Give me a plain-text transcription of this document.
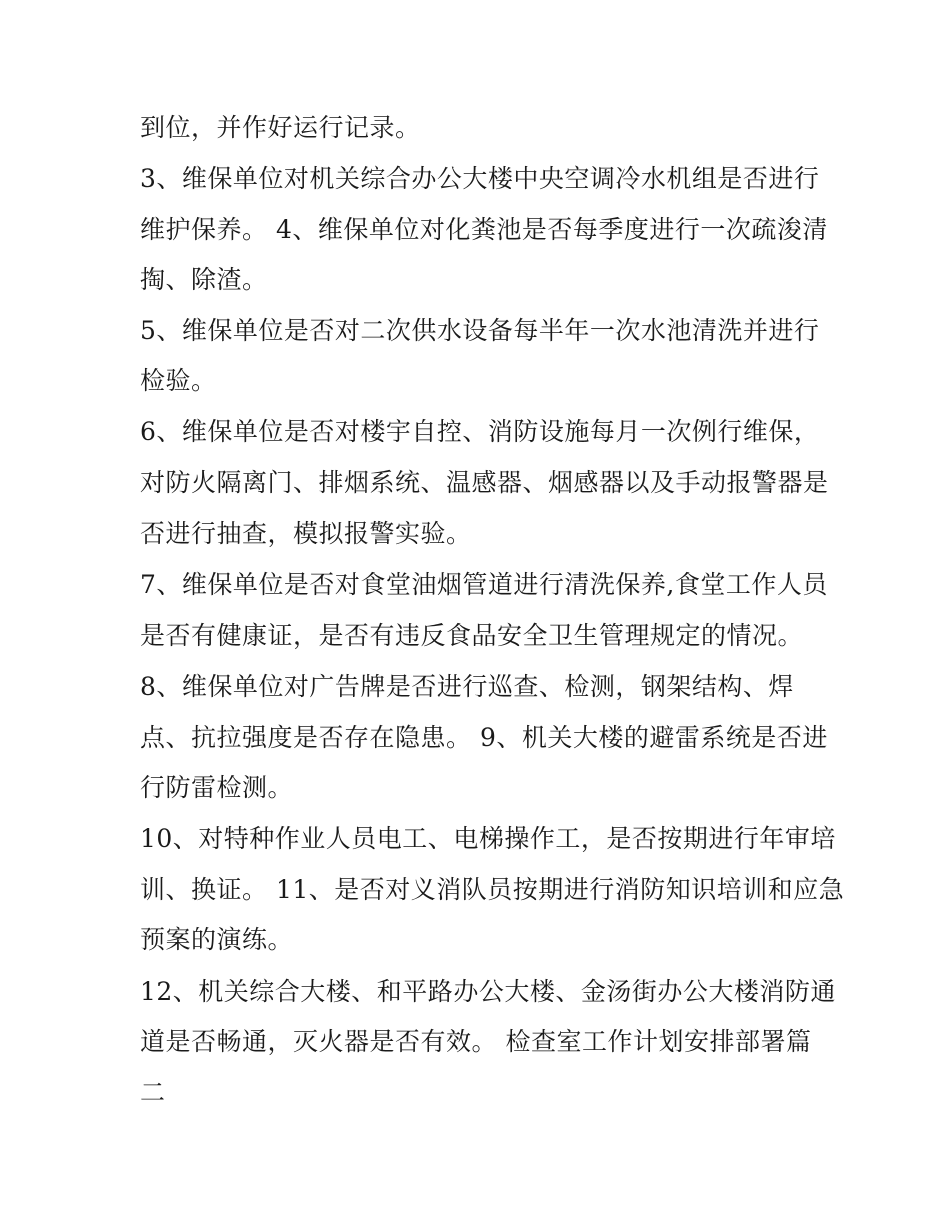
到位，并作好运行记录。
3、维保单位对机关综合办公大楼中央空调冷水机组是否进行
维护保养。 4、维保单位对化粪池是否每季度进行一次疏浚清
掏、除渣。
5、维保单位是否对二次供水设备每半年一次水池清洗并进行
检验。
6、维保单位是否对楼宇自控、消防设施每月一次例行维保，
对防火隔离门、排烟系统、温感器、烟感器以及手动报警器是
否进行抽查，模拟报警实验。
7、维保单位是否对食堂油烟管道进行清洗保养,食堂工作人员
是否有健康证，是否有违反食品安全卫生管理规定的情况。
8、维保单位对广告牌是否进行巡查、检测，钢架结构、焊
点、抗拉强度是否存在隐患。 9、机关大楼的避雷系统是否进
行防雷检测。
10、对特种作业人员电工、电梯操作工，是否按期进行年审培
训、换证。 11、是否对义消队员按期进行消防知识培训和应急
预案的演练。
12、机关综合大楼、和平路办公大楼、金汤街办公大楼消防通
道是否畅通，灭火器是否有效。 检查室工作计划安排部署篇
二
